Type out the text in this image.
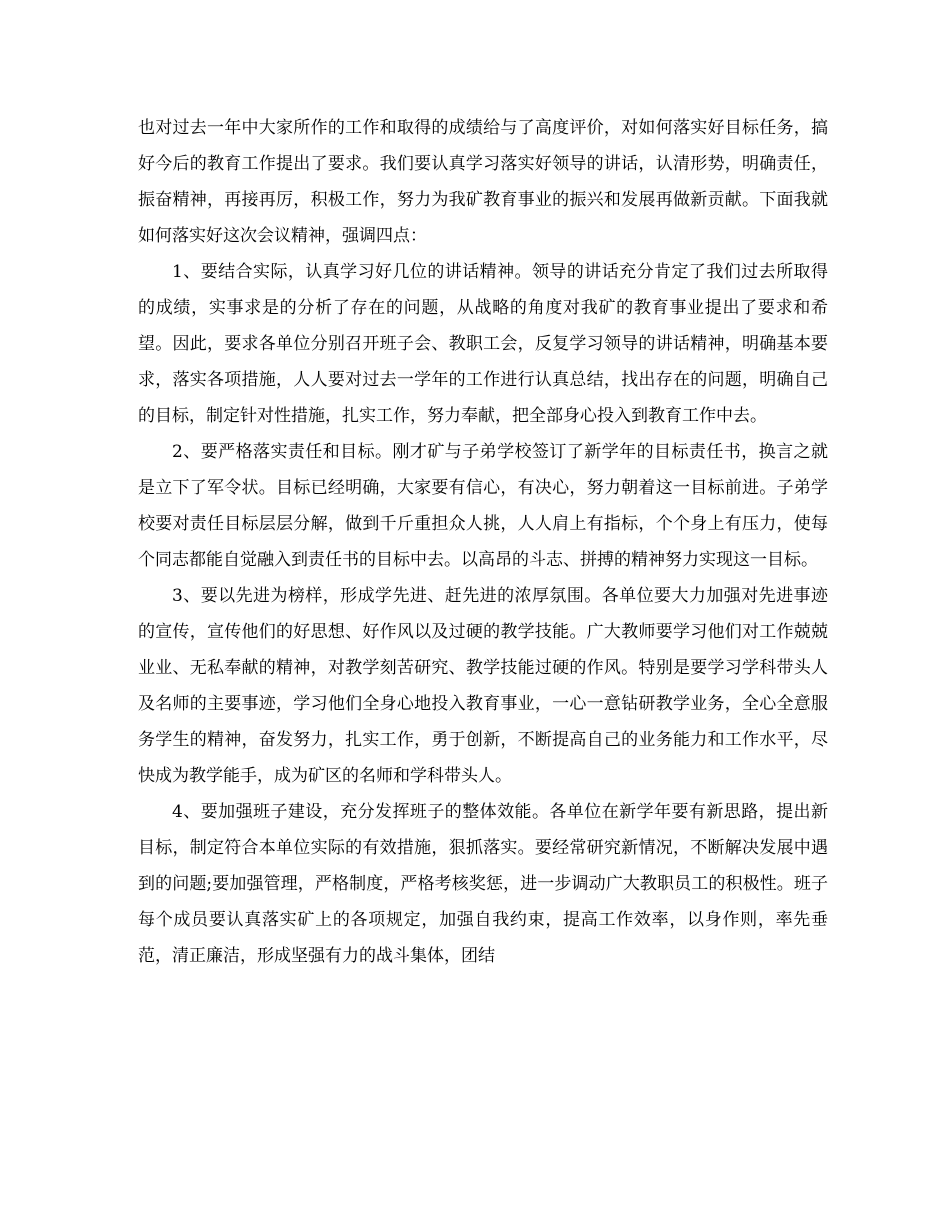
也对过去一年中大家所作的工作和取得的成绩给与了高度评价，对如何落实好目标任务，搞好今后的教育工作提出了要求。我们要认真学习落实好领导的讲话，认清形势，明确责任，振奋精神，再接再厉，积极工作，努力为我矿教育事业的振兴和发展再做新贡献。下面我就如何落实好这次会议精神，强调四点：

1、要结合实际，认真学习好几位的讲话精神。领导的讲话充分肯定了我们过去所取得的成绩，实事求是的分析了存在的问题，从战略的角度对我矿的教育事业提出了要求和希望。因此，要求各单位分别召开班子会、教职工会，反复学习领导的讲话精神，明确基本要求，落实各项措施，人人要对过去一学年的工作进行认真总结，找出存在的问题，明确自己的目标，制定针对性措施，扎实工作，努力奉献，把全部身心投入到教育工作中去。

2、要严格落实责任和目标。刚才矿与子弟学校签订了新学年的目标责任书，换言之就是立下了军令状。目标已经明确，大家要有信心，有决心，努力朝着这一目标前进。子弟学校要对责任目标层层分解，做到千斤重担众人挑，人人肩上有指标，个个身上有压力，使每个同志都能自觉融入到责任书的目标中去。以高昂的斗志、拼搏的精神努力实现这一目标。

3、要以先进为榜样，形成学先进、赶先进的浓厚氛围。各单位要大力加强对先进事迹的宣传，宣传他们的好思想、好作风以及过硬的教学技能。广大教师要学习他们对工作兢兢业业、无私奉献的精神，对教学刻苦研究、教学技能过硬的作风。特别是要学习学科带头人及名师的主要事迹，学习他们全身心地投入教育事业，一心一意钻研教学业务，全心全意服务学生的精神，奋发努力，扎实工作，勇于创新，不断提高自己的业务能力和工作水平，尽快成为教学能手，成为矿区的名师和学科带头人。

4、要加强班子建设，充分发挥班子的整体效能。各单位在新学年要有新思路，提出新目标，制定符合本单位实际的有效措施，狠抓落实。要经常研究新情况，不断解决发展中遇到的问题;要加强管理，严格制度，严格考核奖惩，进一步调动广大教职员工的积极性。班子每个成员要认真落实矿上的各项规定，加强自我约束，提高工作效率，以身作则，率先垂范，清正廉洁，形成坚强有力的战斗集体，团结
